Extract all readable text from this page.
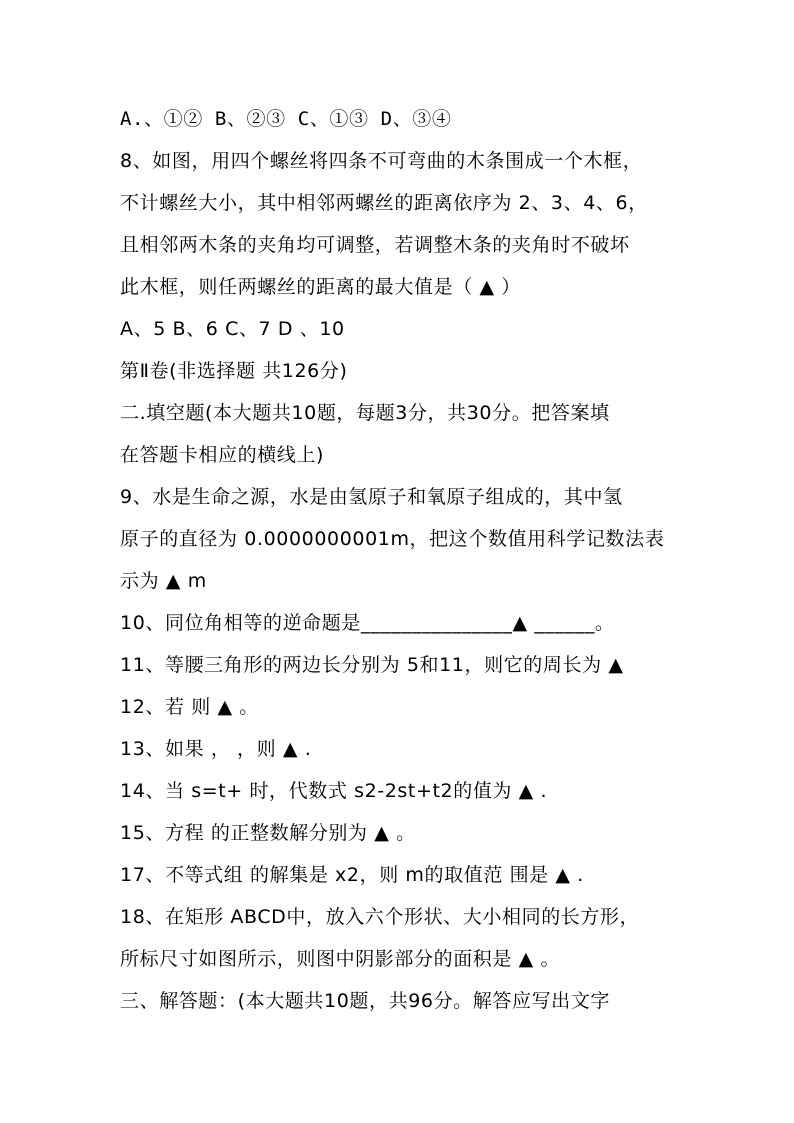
A.、①② B、②③ C、①③ D、③④
8、如图，用四个螺丝将四条不可弯曲的木条围成一个木框，
不计螺丝大小，其中相邻两螺丝的距离依序为 2、3、4、6，
且相邻两木条的夹角均可调整，若调整木条的夹角时不破坏
此木框，则任两螺丝的距离的最大值是（ ▲ ）
A、5 B、6 C、7 D 、10
第Ⅱ卷(非选择题 共126分)
二.填空题(本大题共10题，每题3分，共30分。把答案填
在答题卡相应的横线上)
9、水是生命之源，水是由氢原子和氧原子组成的，其中氢
原子的直径为 0.0000000001m，把这个数值用科学记数法表
示为 ▲ m
10、同位角相等的逆命题是_______________▲ ______。
11、等腰三角形的两边长分别为 5和11，则它的周长为 ▲
12、若 则 ▲ 。
13、如果 ， ，则 ▲ .
14、当 s=t+ 时，代数式 s2-2st+t2的值为 ▲ .
15、方程 的正整数解分别为 ▲ 。
17、不等式组 的解集是 x2，则 m的取值范 围是 ▲ .
18、在矩形 ABCD中，放入六个形状、大小相同的长方形，
所标尺寸如图所示，则图中阴影部分的面积是 ▲ 。
三、解答题：(本大题共10题，共96分。解答应写出文字
